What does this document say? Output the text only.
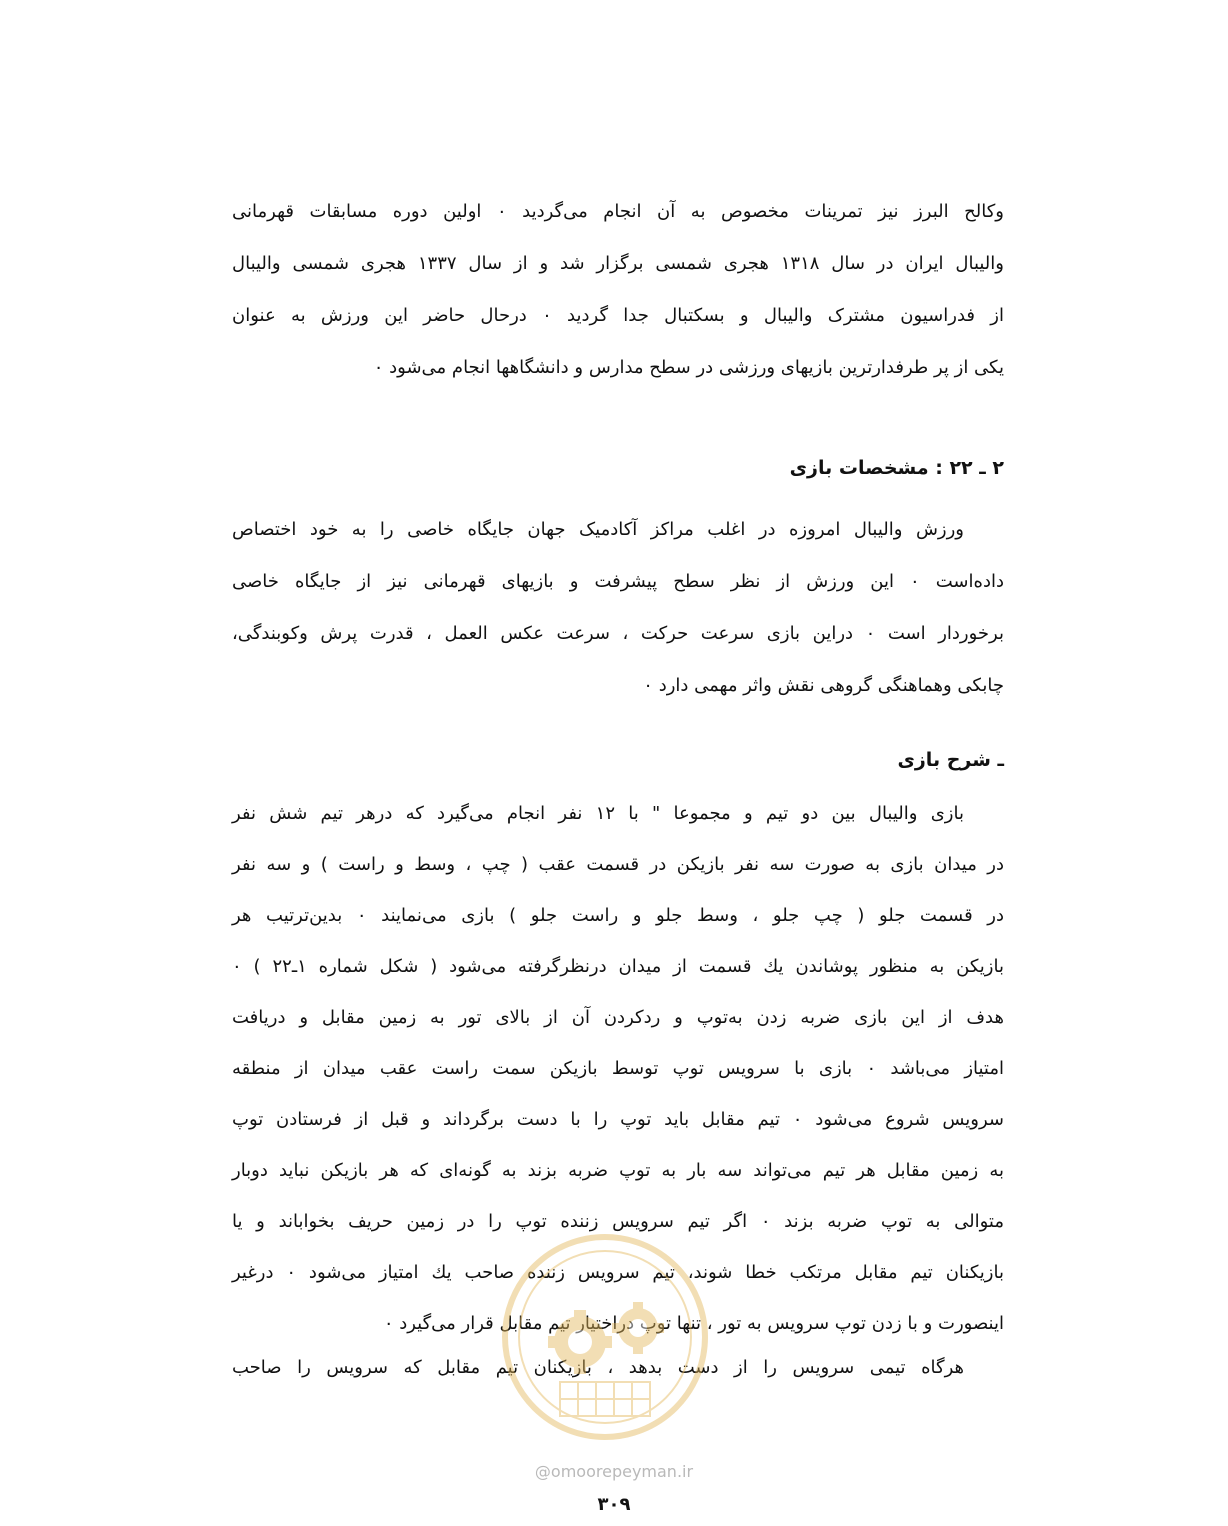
وکالح البرز نیز تمرینات مخصوص به آن انجام می‌گردید ۰ اولین دوره مسابقات قهرمانی
والیبال ایران در سال ۱۳۱۸ هجری شمسی برگزار شد و از سال ۱۳۳۷ هجری شمسی والیبال
از فدراسیون مشترک والیبال و بسکتبال جدا گردید ۰ درحال حاضر این ورزش به عنوان
یکی از پر طرفدارترین بازیهای ورزشی در سطح مدارس و دانشگاهها انجام می‌شود ۰
۲ ـ ۲۲ : مشخصات بازی
ورزش والیبال امروزه در اغلب مراکز آکادمیک جهان جایگاه خاصی را به خود اختصاص
داده‌است ۰ این ورزش از نظر سطح پیشرفت و بازیهای قهرمانی نیز از جایگاه خاصی
برخوردار است ۰ دراین بازی سرعت حرکت ، سرعت عکس العمل ، قدرت پرش وکوبندگی،
چابکی وهماهنگی گروهی نقش واثر مهمی دارد ۰
ـ شرح بازی
بازی والیبال بین دو تیم و مجموعا " با ۱۲ نفر انجام می‌گیرد که درهر تیم شش نفر
در میدان بازی به صورت سه نفر بازیکن در قسمت عقب ( چپ ، وسط و راست ) و سه نفر
در قسمت جلو ( چپ جلو ، وسط جلو و راست جلو ) بازی می‌نمایند ۰ بدین‌ترتیب هر
بازیکن به منظور پوشاندن یك قسمت از میدان درنظرگرفته می‌شود ( شکل شماره ۱ـ۲۲ ) ۰
هدف از این بازی ضربه زدن به‌توپ و ردکردن آن از بالای تور به زمین مقابل و دریافت
امتیاز می‌باشد ۰ بازی با سرویس توپ توسط بازیکن سمت راست عقب میدان از منطقه
سرویس شروع می‌شود ۰ تیم مقابل باید توپ را با دست برگرداند و قبل از فرستادن توپ
به زمین مقابل هر تیم می‌تواند سه بار به توپ ضربه بزند به گونه‌ای که هر بازیکن نباید دوبار
متوالی به توپ ضربه بزند ۰ اگر تیم سرویس زننده توپ را در زمین حریف بخواباند و یا
بازیکنان تیم مقابل مرتکب خطا شوند، تیم سرویس زننده صاحب یك امتیاز می‌شود ۰ درغیر
اینصورت و با زدن توپ سرویس به تور ، تنها توپ دراختیار تیم مقابل قرار می‌گیرد ۰
هرگاه تیمی سرویس را از دست بدهد ، بازیکنان تیم مقابل که سرویس را صاحب
@omoorepeyman.ir
۳۰۹
